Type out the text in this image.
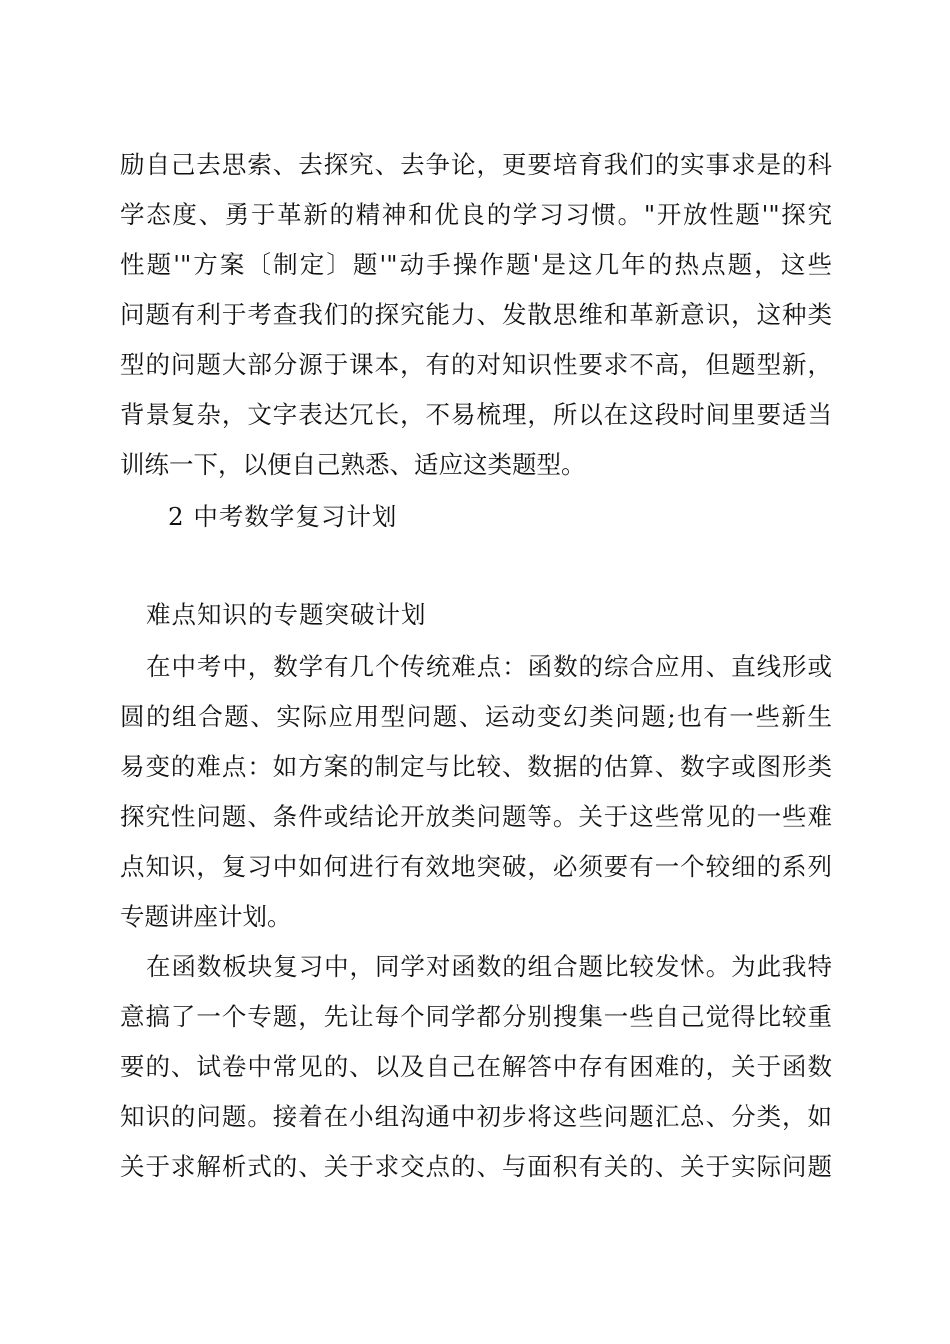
励自己去思索、去探究、去争论，更要培育我们的实事求是的科
学态度、勇于革新的精神和优良的学习习惯。"开放性题'"探究
性题'"方案〔制定〕题'"动手操作题'是这几年的热点题，这些
问题有利于考查我们的探究能力、发散思维和革新意识，这种类
型的问题大部分源于课本，有的对知识性要求不高，但题型新，
背景复杂，文字表达冗长，不易梳理，所以在这段时间里要适当
训练一下，以便自己熟悉、适应这类题型。
2 中考数学复习计划
难点知识的专题突破计划
在中考中，数学有几个传统难点：函数的综合应用、直线形或
圆的组合题、实际应用型问题、运动变幻类问题;也有一些新生
易变的难点：如方案的制定与比较、数据的估算、数字或图形类
探究性问题、条件或结论开放类问题等。关于这些常见的一些难
点知识，复习中如何进行有效地突破，必须要有一个较细的系列
专题讲座计划。
在函数板块复习中，同学对函数的组合题比较发怵。为此我特
意搞了一个专题，先让每个同学都分别搜集一些自己觉得比较重
要的、试卷中常见的、以及自己在解答中存有困难的，关于函数
知识的问题。接着在小组沟通中初步将这些问题汇总、分类，如
关于求解析式的、关于求交点的、与面积有关的、关于实际问题
